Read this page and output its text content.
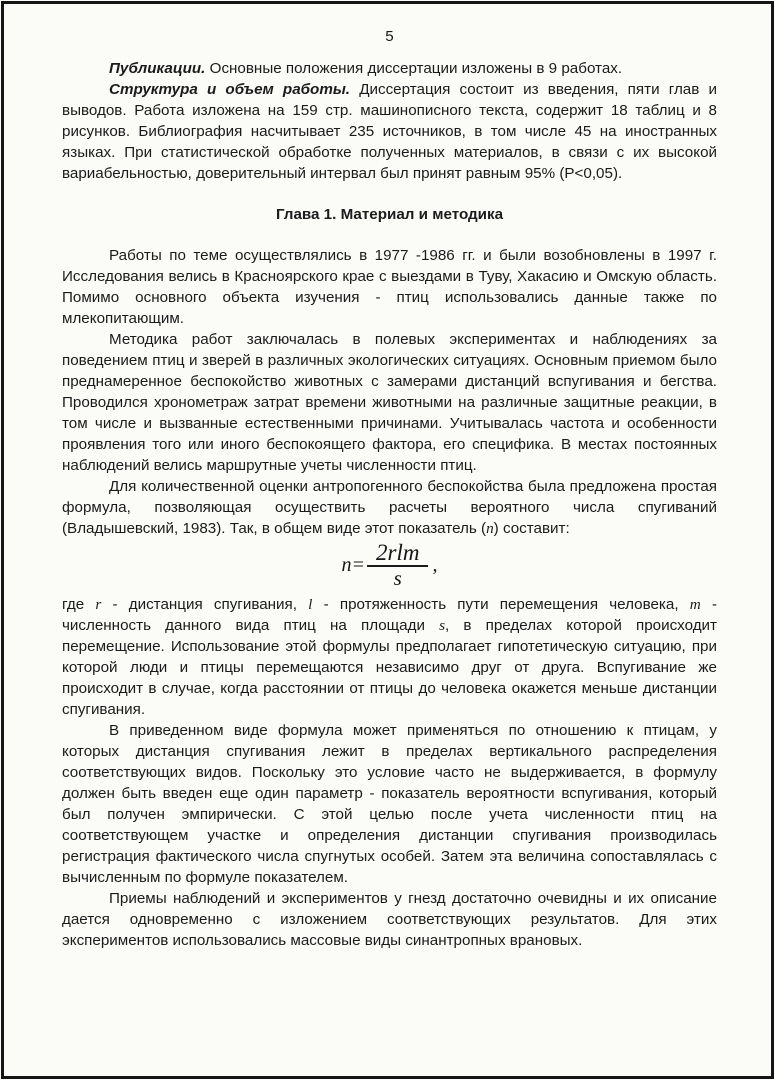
5

Публикации. Основные положения диссертации изложены в 9 работах.

Структура и объем работы. Диссертация состоит из введения, пяти глав и выводов. Работа изложена на 159 стр. машинописного текста, содержит 18 таблиц и 8 рисунков. Библиография насчитывает 235 источников, в том числе 45 на иностранных языках. При статистической обработке полученных материалов, в связи с их высокой вариабельностью, доверительный интервал был принят равным 95% (Р<0,05).

Глава 1. Материал и методика

Работы по теме осуществлялись в 1977 -1986 гг. и были возобновлены в 1997 г. Исследования велись в Красноярского крае с выездами в Туву, Хакасию и Омскую область. Помимо основного объекта изучения - птиц использовались данные также по млекопитающим.

Методика работ заключалась в полевых экспериментах и наблюдениях за поведением птиц и зверей в различных экологических ситуациях. Основным приемом было преднамеренное беспокойство животных с замерами дистанций вспугивания и бегства. Проводился хронометраж затрат времени животными на различные защитные реакции, в том числе и вызванные естественными причинами. Учитывалась частота и особенности проявления того или иного беспокоящего фактора, его специфика. В местах постоянных наблюдений велись маршрутные учеты численности птиц.

Для количественной оценки антропогенного беспокойства была предложена простая формула, позволяющая осуществить расчеты вероятного числа спугиваний (Владышевский, 1983). Так, в общем виде этот показатель (n) составит:

$n= \frac{\text{2rlm}}{s}$ ,

где r - дистанция спугивания, l - протяженность пути перемещения человека, m - численность данного вида птиц на площади s, в пределах которой происходит перемещение. Использование этой формулы предполагает гипотетическую ситуацию, при которой люди и птицы перемещаются независимо друг от друга. Вспугивание же происходит в случае, когда расстоянии от птицы до человека окажется меньше дистанции спугивания.

В приведенном виде формула может применяться по отношению к птицам, у которых дистанция спугивания лежит в пределах вертикального распределения соответствующих видов. Поскольку это условие часто не выдерживается, в формулу должен быть введен еще один параметр - показатель вероятности вспугивания, который был получен эмпирически. С этой целью после учета численности птиц на соответствующем участке и определения дистанции спугивания производилась регистрация фактического числа спугнутых особей. Затем эта величина сопоставлялась с вычисленным по формуле показателем.

Приемы наблюдений и экспериментов у гнезд достаточно очевидны и их описание дается одновременно с изложением соответствующих результатов. Для этих экспериментов использовались массовые виды синантропных врановых.
